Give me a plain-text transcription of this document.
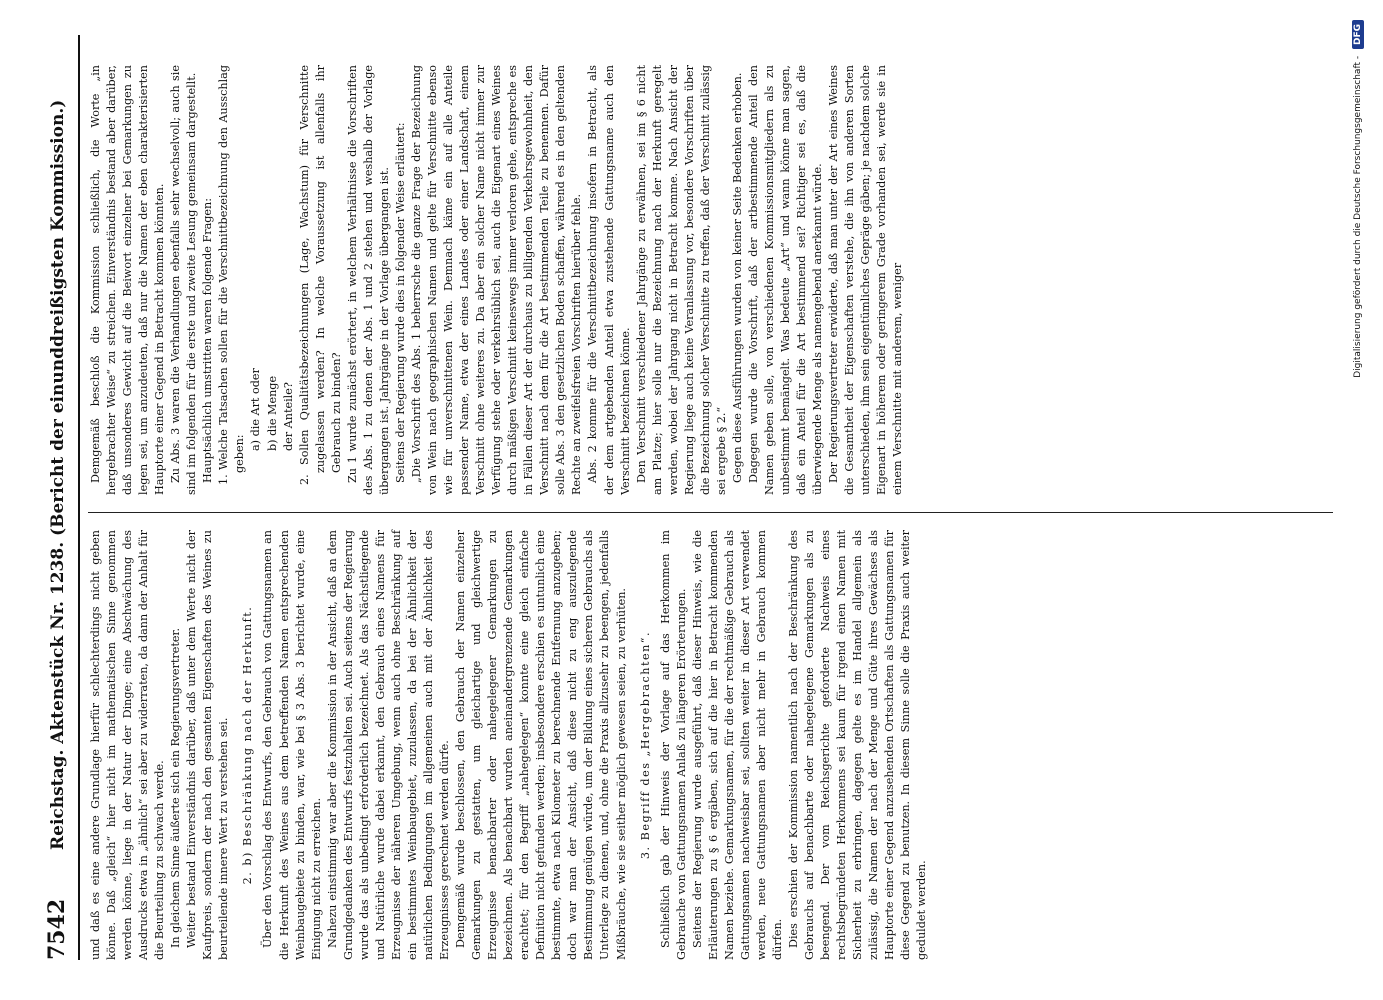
7542
Reichstag. Aktenstück Nr. 1238. (Bericht der einunddreißigsten Kommission.) und daß es eine andere Grundlage hierfür schlechterdings nicht geben könne. Daß „gleich“ hier nicht im mathematischen Sinne genommen werden könne, liege in der Natur der Dinge; eine Abschwächung des Ausdrucks etwa in „ähnlich“ sei aber zu widerraten, da dann der Anhalt für die Beurteilung zu schwach werde. In gleichem Sinne äußerte sich ein Regierungsvertreter. Weiter bestand Einverständnis darüber, daß unter dem Werte nicht der Kaufpreis, sondern der nach den gesamten Eigenschaften des Weines zu beurteilende innere Wert zu verstehen sei. 2. b) Beschränkung nach der Herkunft. Über den Vorschlag des Entwurfs, den Gebrauch von Gattungsnamen an die Herkunft des Weines aus dem betreffenden Namen entsprechenden Weinbaugebiete zu binden, war, wie bei § 3 Abs. 3 berichtet wurde, eine Einigung nicht zu erreichen. Nahezu einstimmig war aber die Kommission in der Ansicht, daß an dem Grundgedanken des Entwurfs festzuhalten sei. Auch seitens der Regierung wurde das als unbedingt erforderlich bezeichnet. Als das Nächstliegende und Natürliche wurde dabei erkannt, den Gebrauch eines Namens für Erzeugnisse der näheren Umgebung, wenn auch ohne Beschränkung auf ein bestimmtes Weinbaugebiet, zuzulassen, da bei der Ähnlichkeit der natürlichen Bedingungen im allgemeinen auch mit der Ähnlichkeit des Erzeugnisses gerechnet werden dürfe. Demgemäß wurde beschlossen, den Gebrauch der Namen einzelner Gemarkungen zu gestatten, um gleichartige und gleichwertige Erzeugnisse benachbarter oder nahegelegener Gemarkungen zu bezeichnen. Als benachbart wurden aneinandergrenzende Gemarkungen erachtet; für den Begriff „nahegelegen“ konnte eine gleich einfache Definition nicht gefunden werden; insbesondere erschien es untunlich eine bestimmte, etwa nach Kilometer zu berechnende Entfernung anzugeben; doch war man der Ansicht, daß diese nicht zu eng auszulegende Bestimmung genügen würde, um der Bildung eines sicheren Gebrauchs als Unterlage zu dienen, und, ohne die Praxis allzusehr zu beengen, jedenfalls Mißbräuche, wie sie seither möglich gewesen seien, zu verhüten. 3. Begriff des „Hergebrachten“. Schließlich gab der Hinweis der Vorlage auf das Herkommen im Gebrauche von Gattungsnamen Anlaß zu längeren Erörterungen. Seitens der Regierung wurde ausgeführt, daß dieser Hinweis, wie die Erläuterungen zu § 6 ergäben, sich auf die hier in Betracht kommenden Namen beziehe. Gemarkungsnamen, für die der rechtmäßige Gebrauch als Gattungsnamen nachweisbar sei, sollten weiter in dieser Art verwendet werden, neue Gattungsnamen aber nicht mehr in Gebrauch kommen dürfen. Dies erschien der Kommission namentlich nach der Beschränkung des Gebrauchs auf benachbarte oder nahegelegene Gemarkungen als zu beengend. Der vom Reichsgerichte geforderte Nachweis eines rechtsbegründeten Herkommens sei kaum für irgend einen Namen mit Sicherheit zu erbringen, dagegen gelte es im Handel allgemein als zulässig, die Namen der nach der Menge und Güte ihres Gewächses als Hauptorte einer Gegend anzusehenden Ortschaften als Gattungsnamen für diese Gegend zu benutzen. In diesem Sinne solle die Praxis auch weiter geduldet werden.

Demgemäß beschloß die Kommission schließlich, die Worte „in hergebrachter Weise“ zu streichen. Einverständnis bestand aber darüber, daß unsonderes Gewicht auf die Beiwort einzelner bei Gemarkungen zu legen sei, um anzudeuten, daß nur die Namen der eben charakterisierten Hauptorte einer Gegend in Betracht kommen könnten. Zu Abs. 3 waren die Verhandlungen ebenfalls sehr wechselvoll; auch sie sind im folgenden für die erste und zweite Lesung gemeinsam dargestellt. Hauptsächlich umstritten waren folgende Fragen: 1. Welche Tatsachen sollen für die Verschnittbezeichnung den Ausschlag geben:

a) die Art oder b) die Menge der Anteile? 2. Sollen Qualitätsbezeichnungen (Lage, Wachstum) für Verschnitte zugelassen werden? In welche Voraussetzung ist allenfalls ihr Gebrauch zu binden? Zu 1 wurde zunächst erörtert, in welchem Verhältnisse die Vorschriften des Abs. 1 zu denen der Abs. 1 und 2 stehen und weshalb der Vorlage übergangen ist. Jahrgänge in der Vorlage übergangen ist. Seitens der Regierung wurde dies in folgender Weise erläutert: „Die Vorschrift des Abs. 1 beherrsche die ganze Frage der Bezeichnung von Wein nach geographischen Namen und gelte für Verschnitte ebenso wie für unverschnittenen Wein. Demnach käme ein auf alle Anteile passender Name, etwa der eines Landes oder einer Landschaft, einem Verschnitt ohne weiteres zu. Da aber ein solcher Name nicht immer zur Verfügung stehe oder verkehrsüblich sei, auch die Eigenart eines Weines durch mäßigen Verschnitt keineswegs immer verloren gehe, entspreche es in Fällen dieser Art der durchaus zu billigenden Verkehrsgewohnheit, den Verschnitt nach dem für die Art bestimmenden Teile zu benennen. Dafür solle Abs. 3 den gesetzlichen Boden schaffen, während es in den geltenden Rechte an zweifelsfreien Vorschriften hierüber fehle. Abs. 2 komme für die Verschnittbezeichnung insofern in Betracht, als der dem artgebenden Anteil etwa zustehende Gattungsname auch den Verschnitt bezeichnen könne. Den Verschnitt verschiedener Jahrgänge zu erwähnen, sei im § 6 nicht am Platze; hier solle nur die Bezeichnung nach der Herkunft geregelt werden, wobei der Jahrgang nicht in Betracht komme. Nach Ansicht der Regierung liege auch keine Veranlassung vor, besondere Vorschriften über die Bezeichnung solcher Verschnitte zu treffen, daß der Verschnitt zulässig sei ergebe § 2.“ Gegen diese Ausführungen wurden von keiner Seite Bedenken erhoben. Dagegen wurde die Vorschrift, daß der artbestimmende Anteil den Namen geben solle, von verschiedenen Kommissionsmitgliedern als zu unbestimmt bemängelt. Was bedeute „Art“ und wann könne man sagen, daß ein Anteil für die Art bestimmend sei? Richtiger sei es, daß die überwiegende Menge als namengebend anerkannt würde. Der Regierungsvertreter erwiderte, daß man unter der Art eines Weines die Gesamtheit der Eigenschaften verstehe, die ihn von anderen Sorten unterschieden, ihm sein eigentümliches Gepräge gäben; je nachdem solche Eigenart in höherem oder geringerem Grade vorhanden sei, werde sie in einem Verschnitte mit anderem, weniger

Digitalisierung gefördert durch die Deutsche Forschungsgemeinschaft - DFG
